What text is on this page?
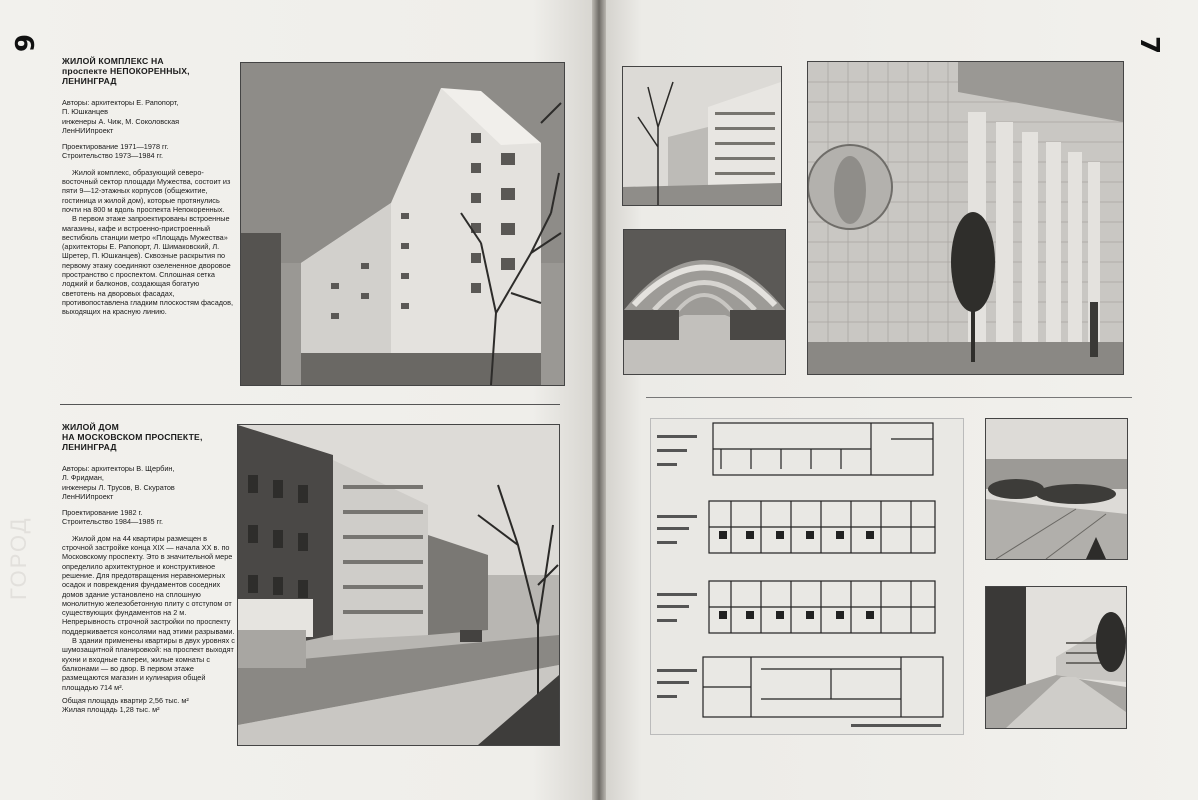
6	7
ГОРОД
ЖИЛОЙ КОМПЛЕКС НА
проспекте НЕПОКОРЕННЫХ,
ЛЕНИНГРАД

Авторы: архитекторы Е. Рапопорт,
П. Юшканцев
инженеры А. Чиж, М. Соколовская
ЛенНИИпроект

Проектирование 1971—1978 гг.
Строительство 1973—1984 гг.

Жилой комплекс, образующий северо-восточный сектор площади Мужества, состоит из пяти 9—12-этажных корпусов (общежитие, гостиница и жилой дом), которые протянулись почти на 800 м вдоль проспекта Непокоренных.

В первом этаже запроектированы встроенные магазины, кафе и встроенно-пристроенный вестибюль станции метро «Площадь Мужества» (архитекторы Е. Рапопорт, Л. Шимаковский, Л. Шретер, П. Юшканцев). Сквозные раскрытия по первому этажу соединяют озелененное дворовое пространство с проспектом. Сплошная сетка лоджий и балконов, создающая богатую светотень на дворовых фасадах, противопоставлена гладким плоскостям фасадов, выходящих на красную линию.

ЖИЛОЙ ДОМ
НА МОСКОВСКОМ ПРОСПЕКТЕ,
ЛЕНИНГРАД

Авторы: архитекторы В. Щербин,
Л. Фридман,
инженеры Л. Трусов, В. Скуратов
ЛенНИИпроект

Проектирование 1982 г.
Строительство 1984—1985 гг.

Жилой дом на 44 квартиры размещен в строчной застройке конца XIX — начала XX в. по Московскому проспекту. Это в значительной мере определило архитектурное и конструктивное решение. Для предотвращения неравномерных осадок и повреждения фундаментов соседних домов здание установлено на сплошную монолитную железобетонную плиту с отступом от существующих фундаментов на 2 м. Непрерывность строчной застройки по проспекту поддерживается консолями над этими разрывами.

В здании применены квартиры в двух уровнях с шумозащитной планировкой: на проспект выходят кухни и входные галереи, жилые комнаты с балконами — во двор. В первом этаже размещаются магазин и кулинария общей площадью 714 м².

Общая площадь квартир 2,56 тыс. м²
Жилая площадь 1,28 тыс. м²
